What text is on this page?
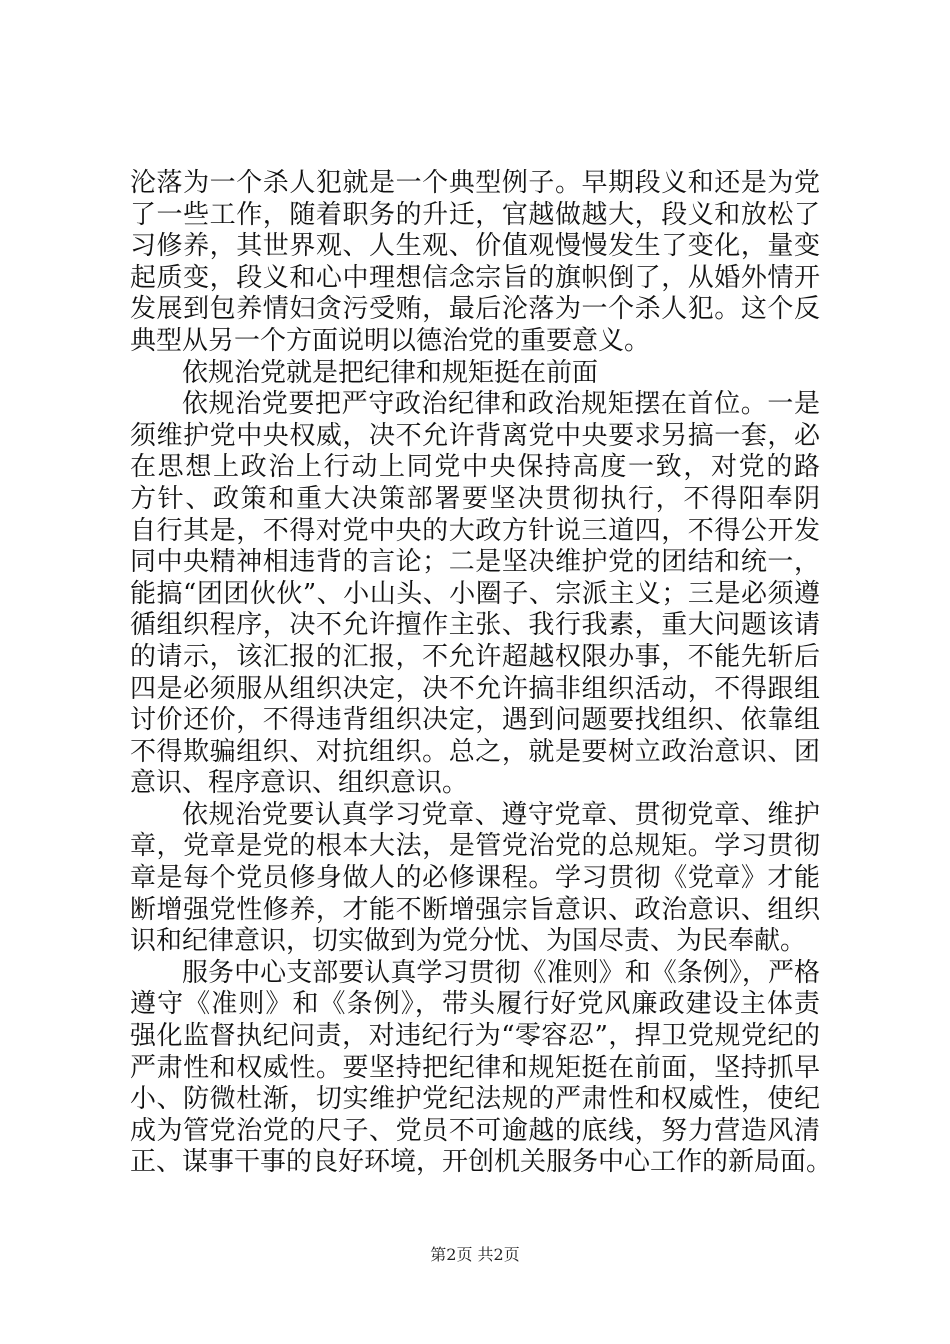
沦落为一个杀人犯就是一个典型例子。早期段义和还是为党
了一些工作，随着职务的升迁，官越做越大，段义和放松了
习修养，其世界观、人生观、价值观慢慢发生了变化，量变
起质变，段义和心中理想信念宗旨的旗帜倒了，从婚外情开
发展到包养情妇贪污受贿，最后沦落为一个杀人犯。这个反
典型从另一个方面说明以德治党的重要意义。
依规治党就是把纪律和规矩挺在前面
依规治党要把严守政治纪律和政治规矩摆在首位。一是
须维护党中央权威，决不允许背离党中央要求另搞一套，必
在思想上政治上行动上同党中央保持高度一致，对党的路
方针、政策和重大决策部署要坚决贯彻执行，不得阳奉阴
自行其是，不得对党中央的大政方针说三道四，不得公开发
同中央精神相违背的言论；二是坚决维护党的团结和统一，
能搞“团团伙伙”、小山头、小圈子、宗派主义；三是必须遵
循组织程序，决不允许擅作主张、我行我素，重大问题该请
的请示，该汇报的汇报，不允许超越权限办事，不能先斩后
四是必须服从组织决定，决不允许搞非组织活动，不得跟组
讨价还价，不得违背组织决定，遇到问题要找组织、依靠组
不得欺骗组织、对抗组织。总之，就是要树立政治意识、团
意识、程序意识、组织意识。
依规治党要认真学习党章、遵守党章、贯彻党章、维护
章，党章是党的根本大法，是管党治党的总规矩。学习贯彻
章是每个党员修身做人的必修课程。学习贯彻《党章》才能
断增强党性修养，才能不断增强宗旨意识、政治意识、组织
识和纪律意识，切实做到为党分忧、为国尽责、为民奉献。
服务中心支部要认真学习贯彻《准则》和《条例》，严格
遵守《准则》和《条例》，带头履行好党风廉政建设主体责
强化监督执纪问责，对违纪行为“零容忍”，捍卫党规党纪的
严肃性和权威性。要坚持把纪律和规矩挺在前面，坚持抓早
小、防微杜渐，切实维护党纪法规的严肃性和权威性，使纪
成为管党治党的尺子、党员不可逾越的底线，努力营造风清
正、谋事干事的良好环境，开创机关服务中心工作的新局面。
第2页 共2页
